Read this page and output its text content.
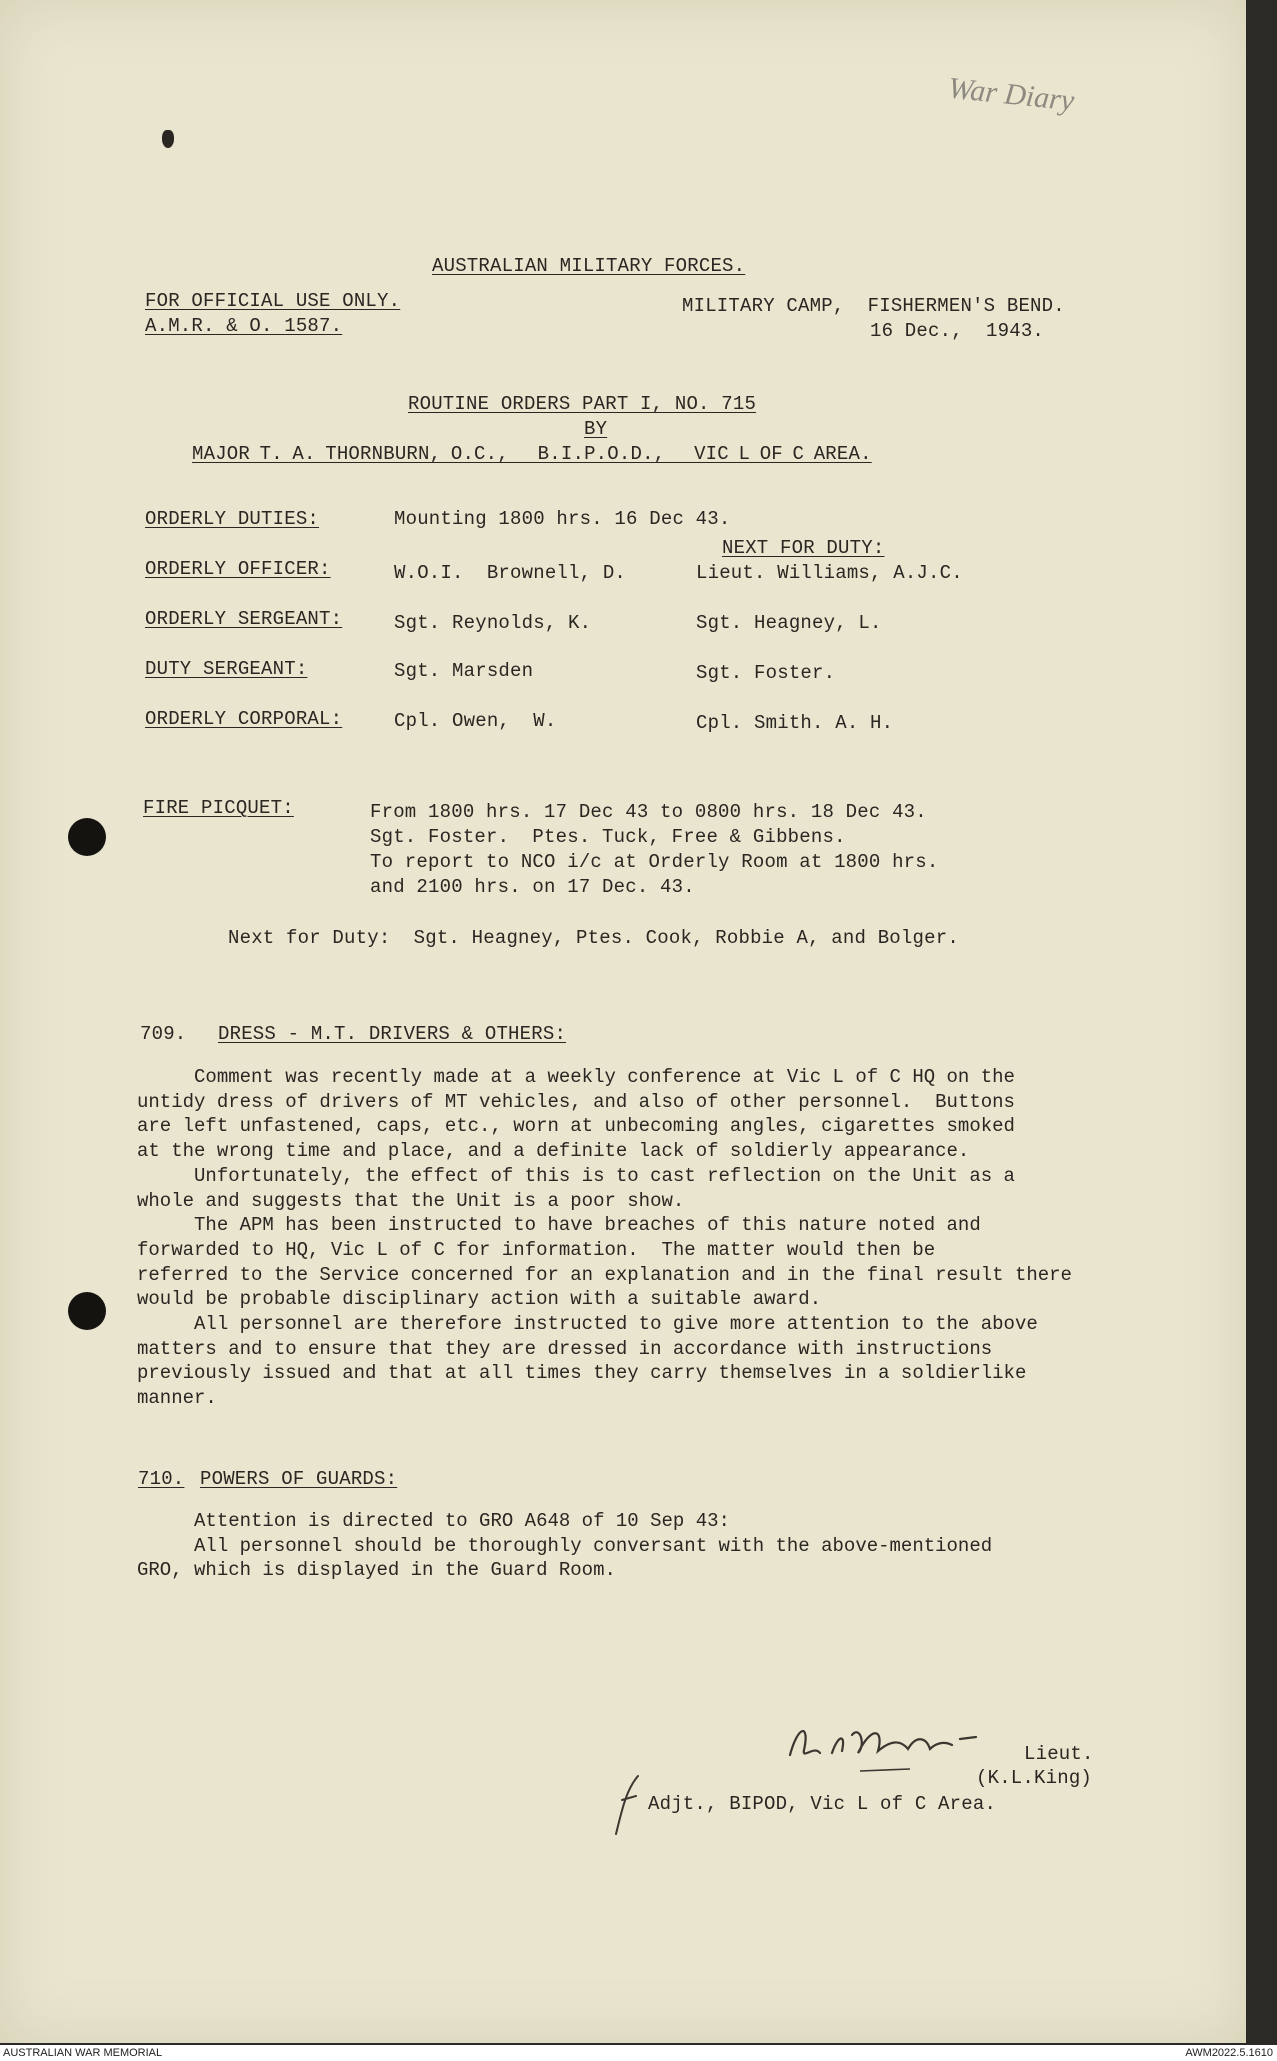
War Diary
AUSTRALIAN MILITARY FORCES.
FOR OFFICIAL USE ONLY.
A.M.R. & O. 1587.
MILITARY CAMP,  FISHERMEN'S BEND.
16 Dec.,  1943.
ROUTINE ORDERS PART I, NO. 715
BY
MAJOR T. A. THORNBURN, O.C.,   B.I.P.O.D.,   VIC L OF C AREA.
ORDERLY DUTIES:	Mounting 1800 hrs. 16 Dec 43.
NEXT FOR DUTY:
ORDERLY OFFICER:	W.O.I.  Brownell, D.	Lieut. Williams, A.J.C.
ORDERLY SERGEANT:	Sgt. Reynolds, K.	Sgt. Heagney, L.
DUTY SERGEANT:	Sgt. Marsden	Sgt. Foster.
ORDERLY CORPORAL:	Cpl. Owen,  W.	Cpl. Smith. A. H.
FIRE PICQUET:	From 1800 hrs. 17 Dec 43 to 0800 hrs. 18 Dec 43.
Sgt. Foster.  Ptes. Tuck, Free & Gibbens.
To report to NCO i/c at Orderly Room at 1800 hrs.
and 2100 hrs. on 17 Dec. 43.
Next for Duty:  Sgt. Heagney, Ptes. Cook, Robbie A, and Bolger.
709. DRESS - M.T. DRIVERS & OTHERS:
Comment was recently made at a weekly conference at Vic L of C HQ on the
untidy dress of drivers of MT vehicles, and also of other personnel.  Buttons
are left unfastened, caps, etc., worn at unbecoming angles, cigarettes smoked
at the wrong time and place, and a definite lack of soldierly appearance.
Unfortunately, the effect of this is to cast reflection on the Unit as a
whole and suggests that the Unit is a poor show.
The APM has been instructed to have breaches of this nature noted and
forwarded to HQ, Vic L of C for information.  The matter would then be
referred to the Service concerned for an explanation and in the final result there
would be probable disciplinary action with a suitable award.
All personnel are therefore instructed to give more attention to the above
matters and to ensure that they are dressed in accordance with instructions
previously issued and that at all times they carry themselves in a soldierlike
manner.
710. POWERS OF GUARDS:
Attention is directed to GRO A648 of 10 Sep 43:
All personnel should be thoroughly conversant with the above-mentioned
GRO, which is displayed in the Guard Room.
Lieut.
(K.L.King)
Adjt., BIPOD, Vic L of C Area.
AUSTRALIAN WAR MEMORIAL	AWM2022.5.1610
